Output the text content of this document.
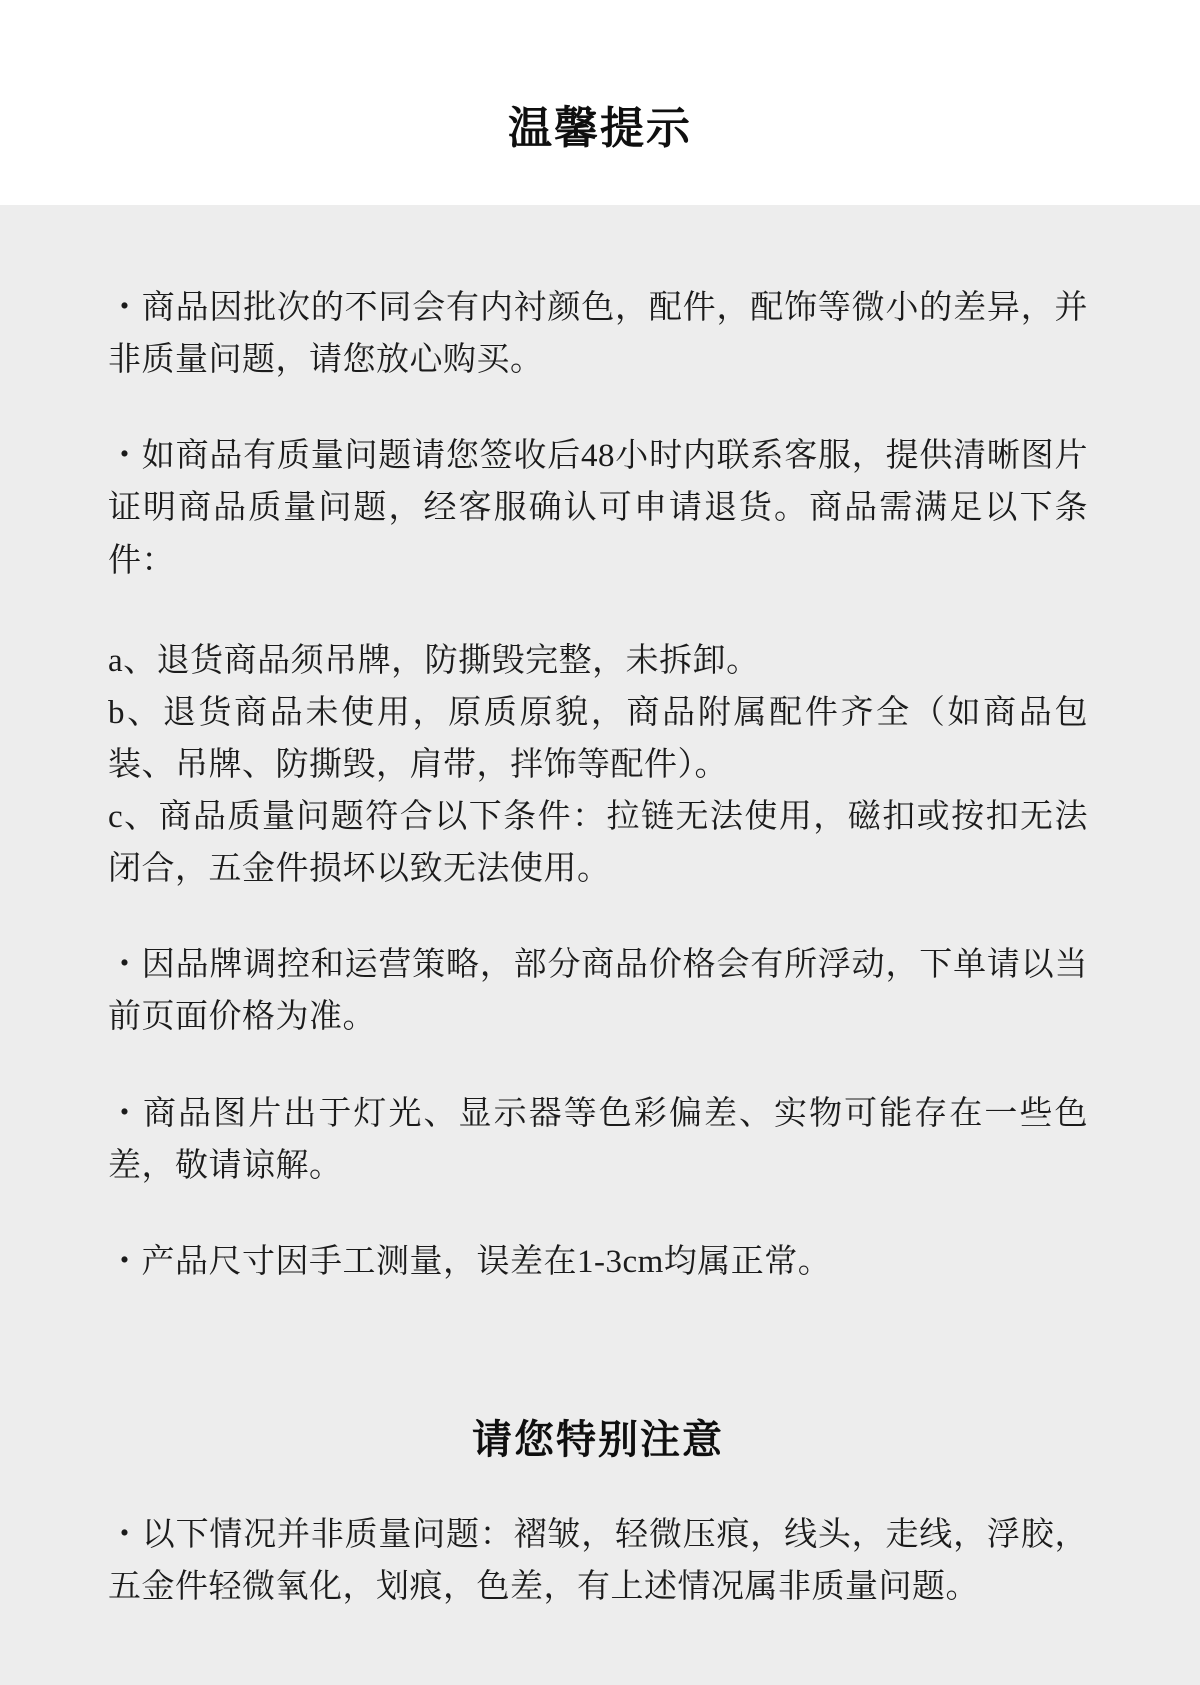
温馨提示

・商品因批次的不同会有内衬颜色，配件，配饰等微小的差异，并非质量问题，请您放心购买。

・如商品有质量问题请您签收后48小时内联系客服，提供清晰图片证明商品质量问题，经客服确认可申请退货。商品需满足以下条件：

a、退货商品须吊牌，防撕毁完整，未拆卸。

b、退货商品未使用，原质原貌，商品附属配件齐全（如商品包装、吊牌、防撕毁，肩带，拌饰等配件）。

c、商品质量问题符合以下条件：拉链无法使用，磁扣或按扣无法闭合，五金件损坏以致无法使用。

・因品牌调控和运营策略，部分商品价格会有所浮动，下单请以当前页面价格为准。

・商品图片出于灯光、显示器等色彩偏差、实物可能存在一些色差，敬请谅解。

・产品尺寸因手工测量，误差在1-3cm均属正常。

请您特别注意

・以下情况并非质量问题：褶皱，轻微压痕，线头，走线，浮胶，五金件轻微氧化，划痕，色差，有上述情况属非质量问题。
